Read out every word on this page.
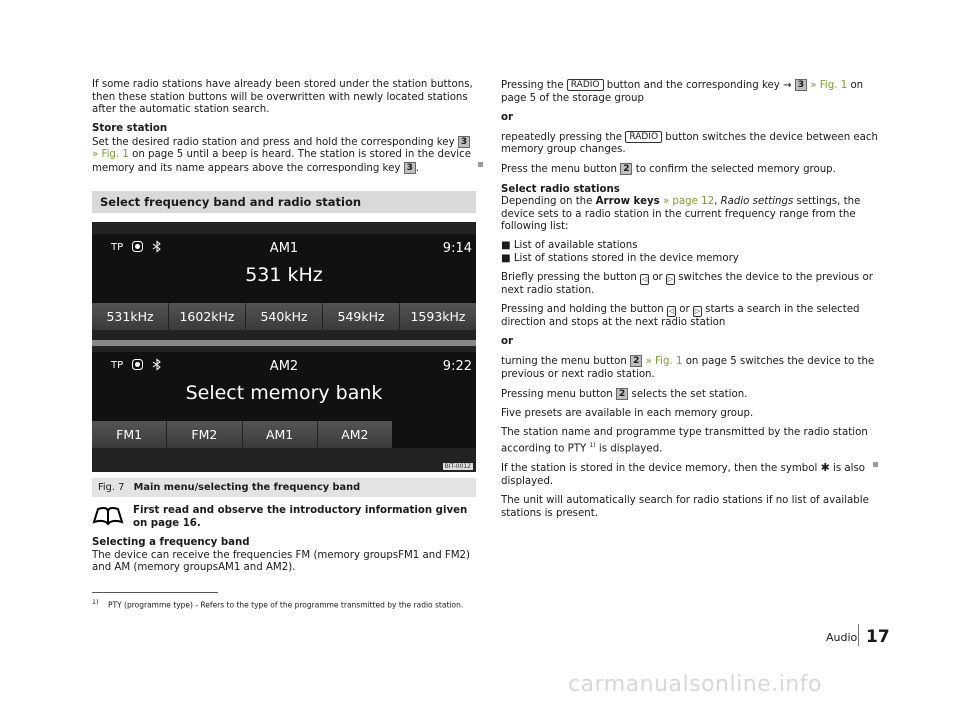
If some radio stations have already been stored under the station buttons, then these station buttons will be overwritten with newly located stations after the automatic station search.

Store station

Set the desired radio station and press and hold the corresponding key 3 » Fig. 1 on page 5 until a beep is heard. The station is stored in the device memory and its name appears above the corresponding key 3 .

Select frequency band and radio station
TP	AM1	9:14
531 kHz
531kHz	1602kHz	540kHz	549kHz	1593kHz
TP	AM2	9:22
Select memory bank
FM1	FM2	AM1	AM2
BIT-0012
Fig. 7 Main menu/selecting the frequency band
First read and observe the introductory information given on page 16.
Selecting a frequency band
The device can receive the frequencies FM (memory groupsFM1 and FM2) and AM (memory groupsAM1 and AM2).

Pressing the RADIO button and the corresponding key → 3 » Fig. 1 on page 5 of the storage group

or

repeatedly pressing the RADIO button switches the device between each memory group changes.

Press the menu button 2 to confirm the selected memory group.

Select radio stations

Depending on the Arrow keys » page 12, Radio settings settings, the device sets to a radio station in the current frequency range from the following list:

■ List of available stations

■ List of stations stored in the device memory

Briefly pressing the button ◁ or ▷ switches the device to the previous or next radio station.

Pressing and holding the button ◁ or ▷ starts a search in the selected direction and stops at the next radio station

or

turning the menu button 2 » Fig. 1 on page 5 switches the device to the previous or next radio station.

Pressing menu button 2 selects the set station.

Five presets are available in each memory group.

The station name and programme type transmitted by the radio station according to PTY $^{1)}$ is displayed.

If the station is stored in the device memory, then the symbol ✱ is also displayed.

The unit will automatically search for radio stations if no list of available stations is present.

$^{1)}$ PTY (programme type) - Refers to the type of the programme transmitted by the radio station.
Audio 17
carmanualsonline.info
